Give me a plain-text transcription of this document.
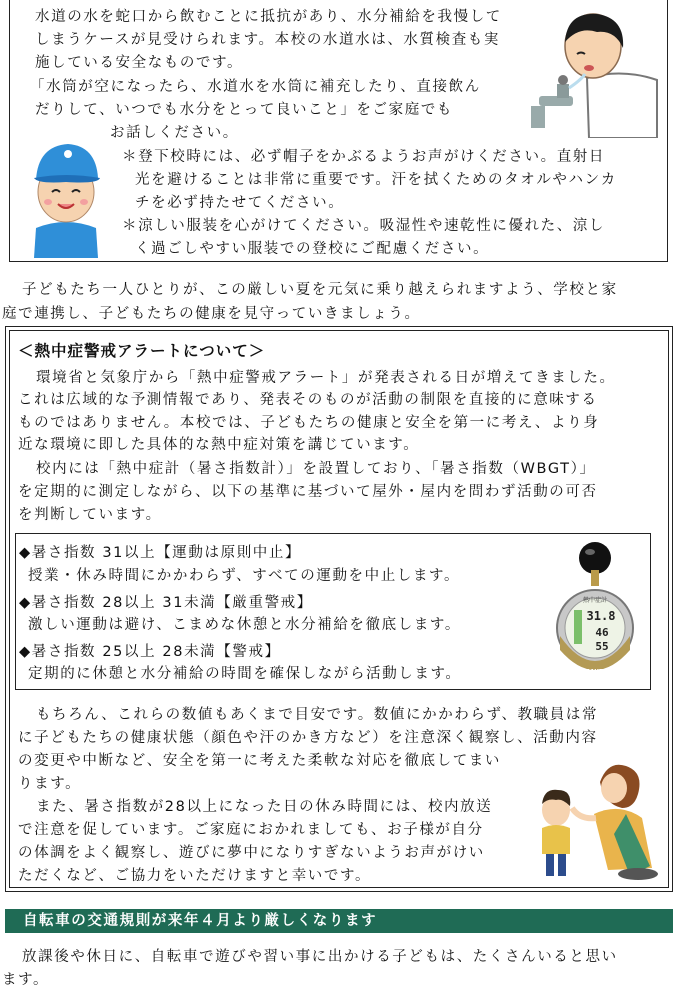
水道の水を蛇口から飲むことに抵抗があり、水分補給を我慢して
しまうケースが見受けられます。本校の水道水は、水質検査も実
施している安全なものです。
「水筒が空になったら、水道水を水筒に補充したり、直接飲ん
だりして、いつでも水分をとって良いこと」をご家庭でも
お話しください。
＊登下校時には、必ず帽子をかぶるようお声がけください。直射日
光を避けることは非常に重要です。汗を拭くためのタオルやハンカ
チを必ず持たせてください。
＊涼しい服装を心がけてください。吸湿性や速乾性に優れた、涼し
く過ごしやすい服装での登校にご配慮ください。
子どもたち一人ひとりが、この厳しい夏を元気に乗り越えられますよう、学校と家
庭で連携し、子どもたちの健康を見守っていきましょう。
＜熱中症警戒アラートについて＞
環境省と気象庁から「熱中症警戒アラート」が発表される日が増えてきました。
これは広域的な予測情報であり、発表そのものが活動の制限を直接的に意味する
ものではありません。本校では、子どもたちの健康と安全を第一に考え、より身
近な環境に即した具体的な熱中症対策を講じています。
校内には「熱中症計（暑さ指数計）」を設置しており、「暑さ指数（WBGT）」
を定期的に測定しながら、以下の基準に基づいて屋外・屋内を問わず活動の可否
を判断しています。
◆暑さ指数 31以上【運動は原則中止】
授業・休み時間にかかわらず、すべての運動を中止します。
◆暑さ指数 28以上 31未満【厳重警戒】
激しい運動は避け、こまめな休憩と水分補給を徹底します。
◆暑さ指数 25以上 28未満【警戒】
定期的に休憩と水分補給の時間を確保しながら活動します。
熱中症計
31.8
46
55
TANITA
もちろん、これらの数値もあくまで目安です。数値にかかわらず、教職員は常
に子どもたちの健康状態（顔色や汗のかき方など）を注意深く観察し、活動内容
の変更や中断など、安全を第一に考えた柔軟な対応を徹底してまい
ります。
また、暑さ指数が28以上になった日の休み時間には、校内放送
で注意を促しています。ご家庭におかれましても、お子様が自分
の体調をよく観察し、遊びに夢中になりすぎないようお声がけい
ただくなど、ご協力をいただけますと幸いです。
自転車の交通規則が来年４月より厳しくなります
放課後や休日に、自転車で遊びや習い事に出かける子どもは、たくさんいると思い
ます。
